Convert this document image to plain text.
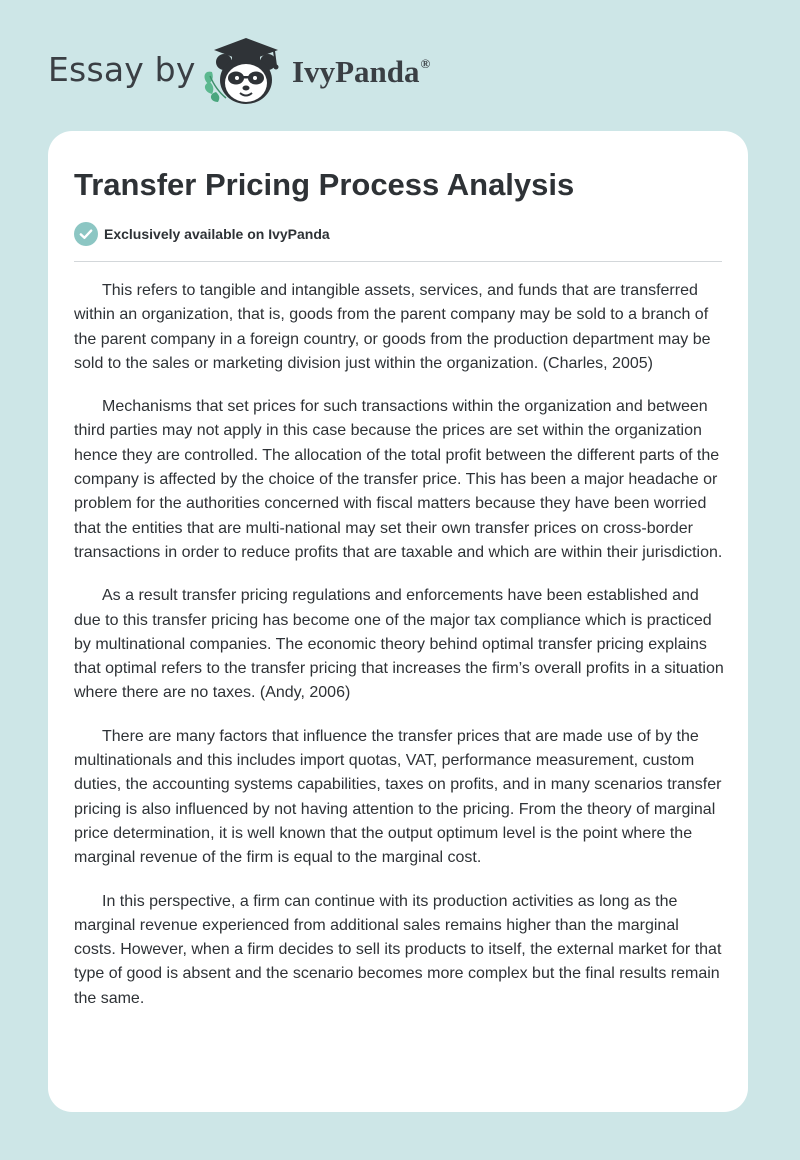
Essay by	IvyPanda®
Transfer Pricing Process Analysis
Exclusively available on IvyPanda

This refers to tangible and intangible assets, services, and funds that are transferred within an organization, that is, goods from the parent company may be sold to a branch of the parent company in a foreign country, or goods from the production department may be sold to the sales or marketing division just within the organization. (Charles, 2005)

Mechanisms that set prices for such transactions within the organization and between third parties may not apply in this case because the prices are set within the organization hence they are controlled. The allocation of the total profit between the different parts of the company is affected by the choice of the transfer price. This has been a major headache or problem for the authorities concerned with fiscal matters because they have been worried that the entities that are multi-national may set their own transfer prices on cross-border transactions in order to reduce profits that are taxable and which are within their jurisdiction.

As a result transfer pricing regulations and enforcements have been established and due to this transfer pricing has become one of the major tax compliance which is practiced by multinational companies. The economic theory behind optimal transfer pricing explains that optimal refers to the transfer pricing that increases the firm’s overall profits in a situation where there are no taxes. (Andy, 2006)

There are many factors that influence the transfer prices that are made use of by the multinationals and this includes import quotas, VAT, performance measurement, custom duties, the accounting systems capabilities, taxes on profits, and in many scenarios transfer pricing is also influenced by not having attention to the pricing. From the theory of marginal price determination, it is well known that the output optimum level is the point where the marginal revenue of the firm is equal to the marginal cost.

In this perspective, a firm can continue with its production activities as long as the marginal revenue experienced from additional sales remains higher than the marginal costs. However, when a firm decides to sell its products to itself, the external market for that type of good is absent and the scenario becomes more complex but the final results remain the same.
